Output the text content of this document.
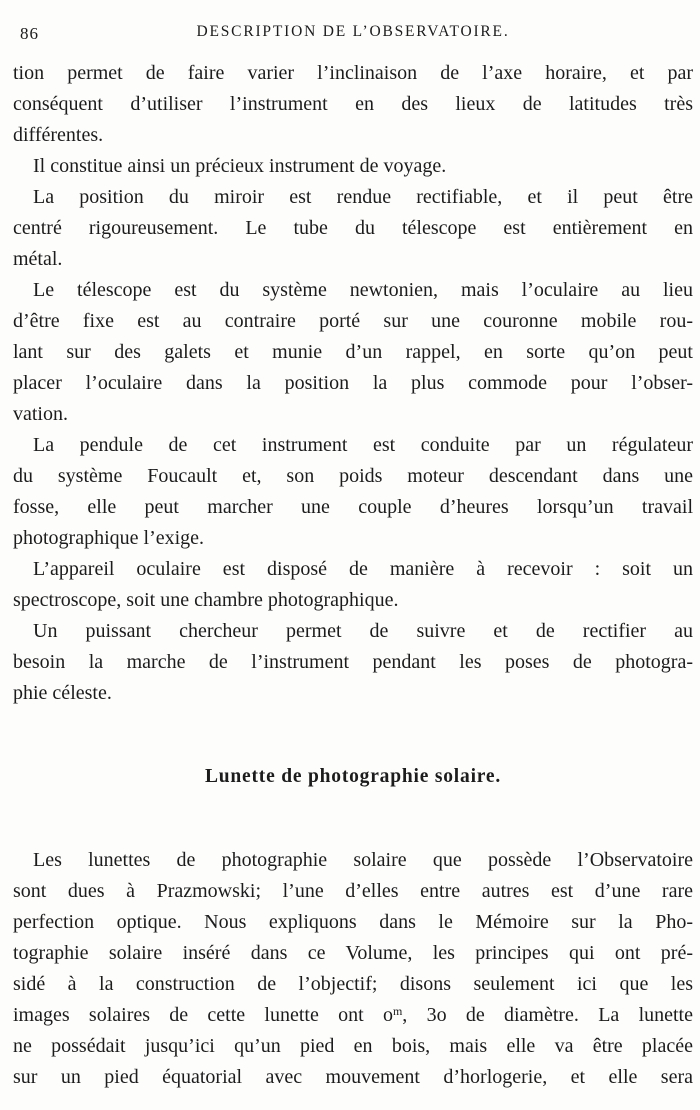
86	DESCRIPTION DE L’OBSERVATOIRE.
tion permet de faire varier l’inclinaison de l’axe horaire, et par
conséquent d’utiliser l’instrument en des lieux de latitudes très
différentes.
Il constitue ainsi un précieux instrument de voyage.
La position du miroir est rendue rectifiable, et il peut être
centré rigoureusement. Le tube du télescope est entièrement en
métal.
Le télescope est du système newtonien, mais l’oculaire au lieu
d’être fixe est au contraire porté sur une couronne mobile rou-
lant sur des galets et munie d’un rappel, en sorte qu’on peut
placer l’oculaire dans la position la plus commode pour l’obser-
vation.
La pendule de cet instrument est conduite par un régulateur
du système Foucault et, son poids moteur descendant dans une
fosse, elle peut marcher une couple d’heures lorsqu’un travail
photographique l’exige.
L’appareil oculaire est disposé de manière à recevoir : soit un
spectroscope, soit une chambre photographique.
Un puissant chercheur permet de suivre et de rectifier au
besoin la marche de l’instrument pendant les poses de photogra-
phie céleste.
Lunette de photographie solaire.
Les lunettes de photographie solaire que possède l’Observatoire
sont dues à Prazmowski; l’une d’elles entre autres est d’une rare
perfection optique. Nous expliquons dans le Mémoire sur la Pho-
tographie solaire inséré dans ce Volume, les principes qui ont pré-
sidé à la construction de l’objectif; disons seulement ici que les
images solaires de cette lunette ont $o^m$, 3o de diamètre. La lunette
ne possédait jusqu’ici qu’un pied en bois, mais elle va être placée
sur un pied équatorial avec mouvement d’horlogerie, et elle sera
